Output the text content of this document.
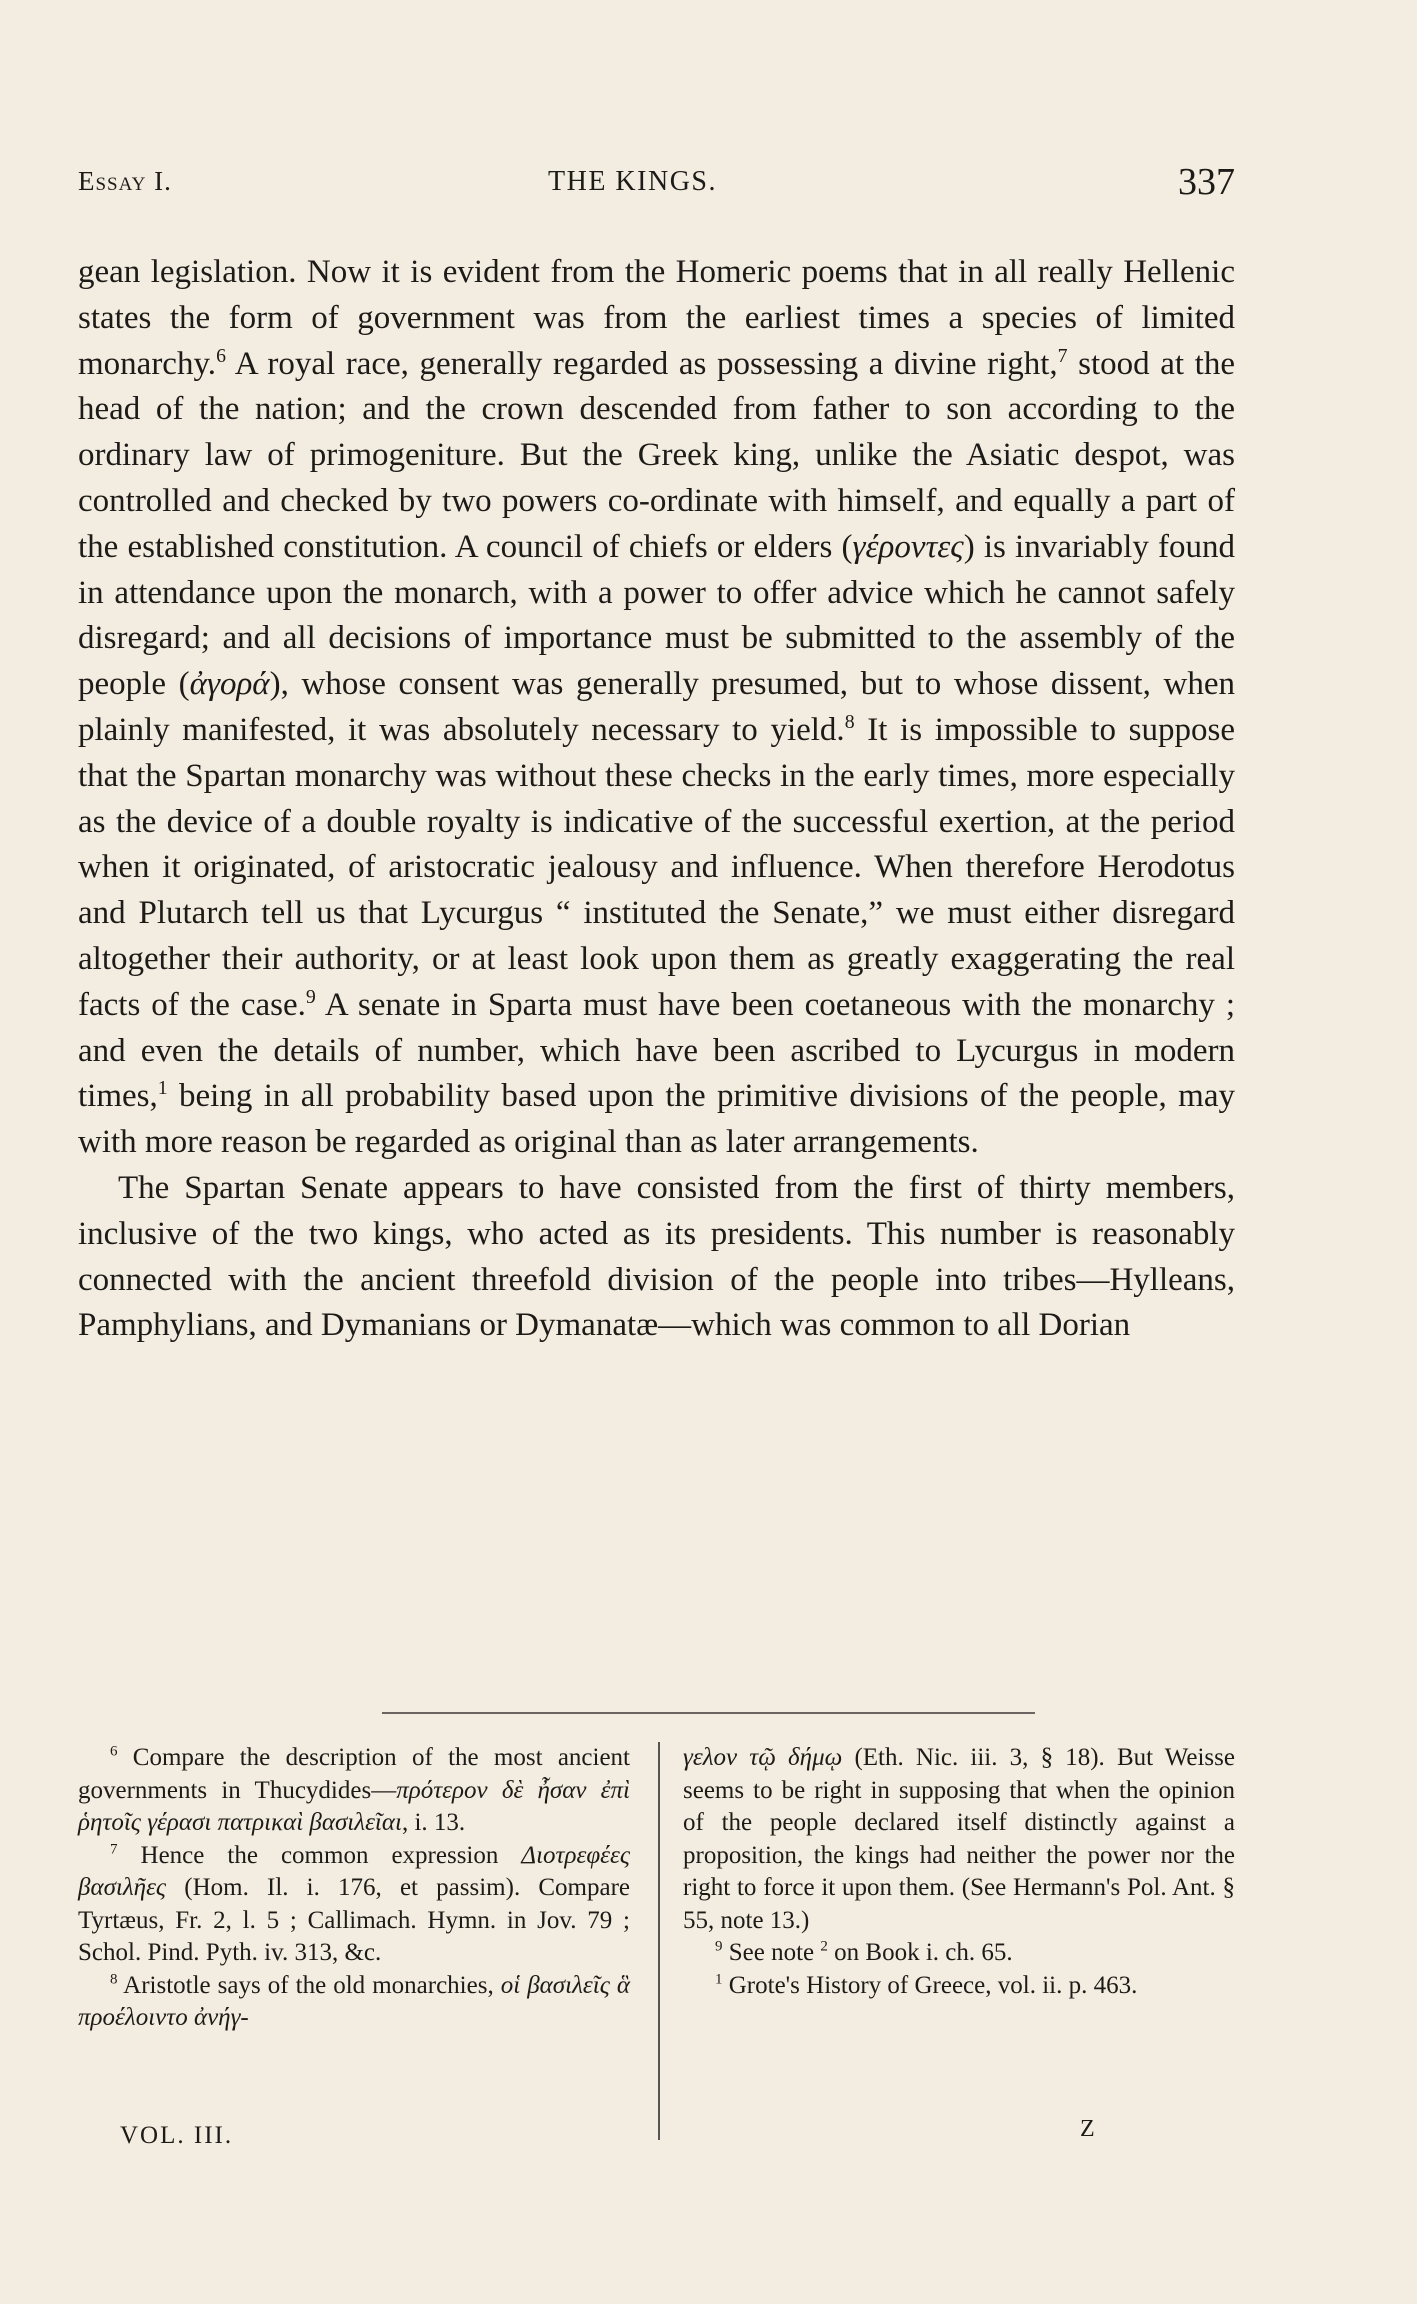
Essay I.	THE KINGS.	337

gean legislation. Now it is evident from the Homeric poems that in all really Hellenic states the form of government was from the earliest times a species of limited monarchy.$^6$ A royal race, generally regarded as possessing a divine right,$^7$ stood at the head of the nation; and the crown descended from father to son according to the ordinary law of primogeniture. But the Greek king, unlike the Asiatic despot, was controlled and checked by two powers co-ordinate with himself, and equally a part of the established constitution. A council of chiefs or elders (γέροντες) is invariably found in attendance upon the monarch, with a power to offer advice which he cannot safely disregard; and all decisions of importance must be submitted to the assembly of the people (ἀγορά), whose consent was generally presumed, but to whose dissent, when plainly manifested, it was absolutely necessary to yield.$^8$ It is impossible to suppose that the Spartan monarchy was without these checks in the early times, more especially as the device of a double royalty is indicative of the successful exertion, at the period when it originated, of aristocratic jealousy and influence. When therefore Herodotus and Plutarch tell us that Lycurgus “ instituted the Senate,” we must either disregard altogether their authority, or at least look upon them as greatly exaggerating the real facts of the case.$^9$ A senate in Sparta must have been coetaneous with the monarchy ; and even the details of number, which have been ascribed to Lycurgus in modern times,$^1$ being in all probability based upon the primitive divisions of the people, may with more reason be regarded as original than as later arrangements.

The Spartan Senate appears to have consisted from the first of thirty members, inclusive of the two kings, who acted as its presidents. This number is reasonably connected with the ancient threefold division of the people into tribes—Hylleans, Pamphylians, and Dymanians or Dymanatæ—which was common to all Dorian

$^6$ Compare the description of the most ancient governments in Thucydides—πρότερον δὲ ἦσαν ἐπὶ ῥητοῖς γέρασι πατρικαὶ βασιλεῖαι, i. 13.

$^7$ Hence the common expression Διοτρεφέες βασιλῆες (Hom. Il. i. 176, et passim). Compare Tyrtæus, Fr. 2, l. 5 ; Callimach. Hymn. in Jov. 79 ; Schol. Pind. Pyth. iv. 313, &c.

$^8$ Aristotle says of the old monarchies, οἱ βασιλεῖς ἃ προέλοιντο ἀνήγ-

γελον τῷ δήμῳ (Eth. Nic. iii. 3, § 18). But Weisse seems to be right in supposing that when the opinion of the people declared itself distinctly against a proposition, the kings had neither the power nor the right to force it upon them. (See Hermann's Pol. Ant. § 55, note 13.)

$^9$ See note $^2$ on Book i. ch. 65.

$^1$ Grote's History of Greece, vol. ii. p. 463.

VOL. III.	Z
